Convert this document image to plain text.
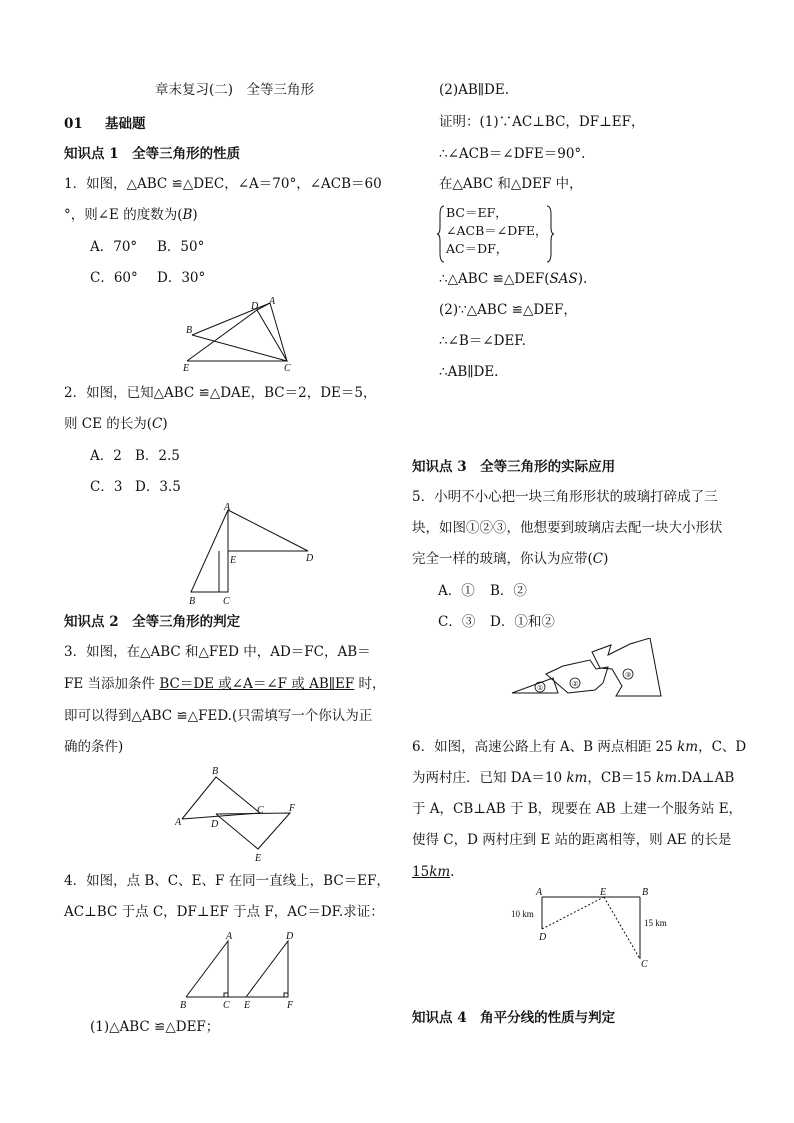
章末复习(二)　全等三角形
01 基础题
知识点 1　全等三角形的性质
1．如图，△ABC ≌△DEC，∠A＝70°，∠ACB＝60
°，则∠E 的度数为(B)
A．70° B．50°
C．60° D．30°
D A
B
E	C
2．如图，已知△ABC ≌△DAE，BC＝2，DE＝5，
则 CE 的长为(C)
A．2 B．2.5
C．3 D．3.5
A
E	D
B	C
知识点 2　全等三角形的判定
3．如图，在△ABC 和△FED 中，AD＝FC，AB＝
FE 当添加条件 BC＝DE 或∠A＝∠F 或 AB∥EF 时，
即可以得到△ABC ≌△FED.(只需填写一个你认为正
确的条件)
B
A	D
C	F
E
4．如图，点 B、C、E、F 在同一直线上，BC＝EF，
AC⊥BC 于点 C，DF⊥EF 于点 F，AC＝DF.求证：
A	D
B	C E	F
(1)△ABC ≌△DEF；
(2)AB∥DE.
证明：(1)∵AC⊥BC，DF⊥EF，
∴∠ACB＝∠DFE＝90°.
在△ABC 和△DEF 中，
BC＝EF，
∠ACB＝∠DFE，
AC＝DF，
∴△ABC ≌△DEF(SAS).
(2)∵△ABC ≌△DEF，
∴∠B＝∠DEF.
∴AB∥DE.
知识点 3　全等三角形的实际应用
5．小明不小心把一块三角形形状的玻璃打碎成了三
块，如图①②③，他想要到玻璃店去配一块大小形状
完全一样的玻璃，你认为应带(C)
A．① B．②
C．③ D．①和②
①	②
③
6．如图，高速公路上有 A、B 两点相距 25 km，C、D
为两村庄．已知 DA＝10 km，CB＝15 km.DA⊥AB
于 A，CB⊥AB 于 B，现要在 AB 上建一个服务站 E，
使得 C，D 两村庄到 E 站的距离相等，则 AE 的长是
15km.
A	E	B
D
C
10 km
15 km
知识点 4　角平分线的性质与判定
